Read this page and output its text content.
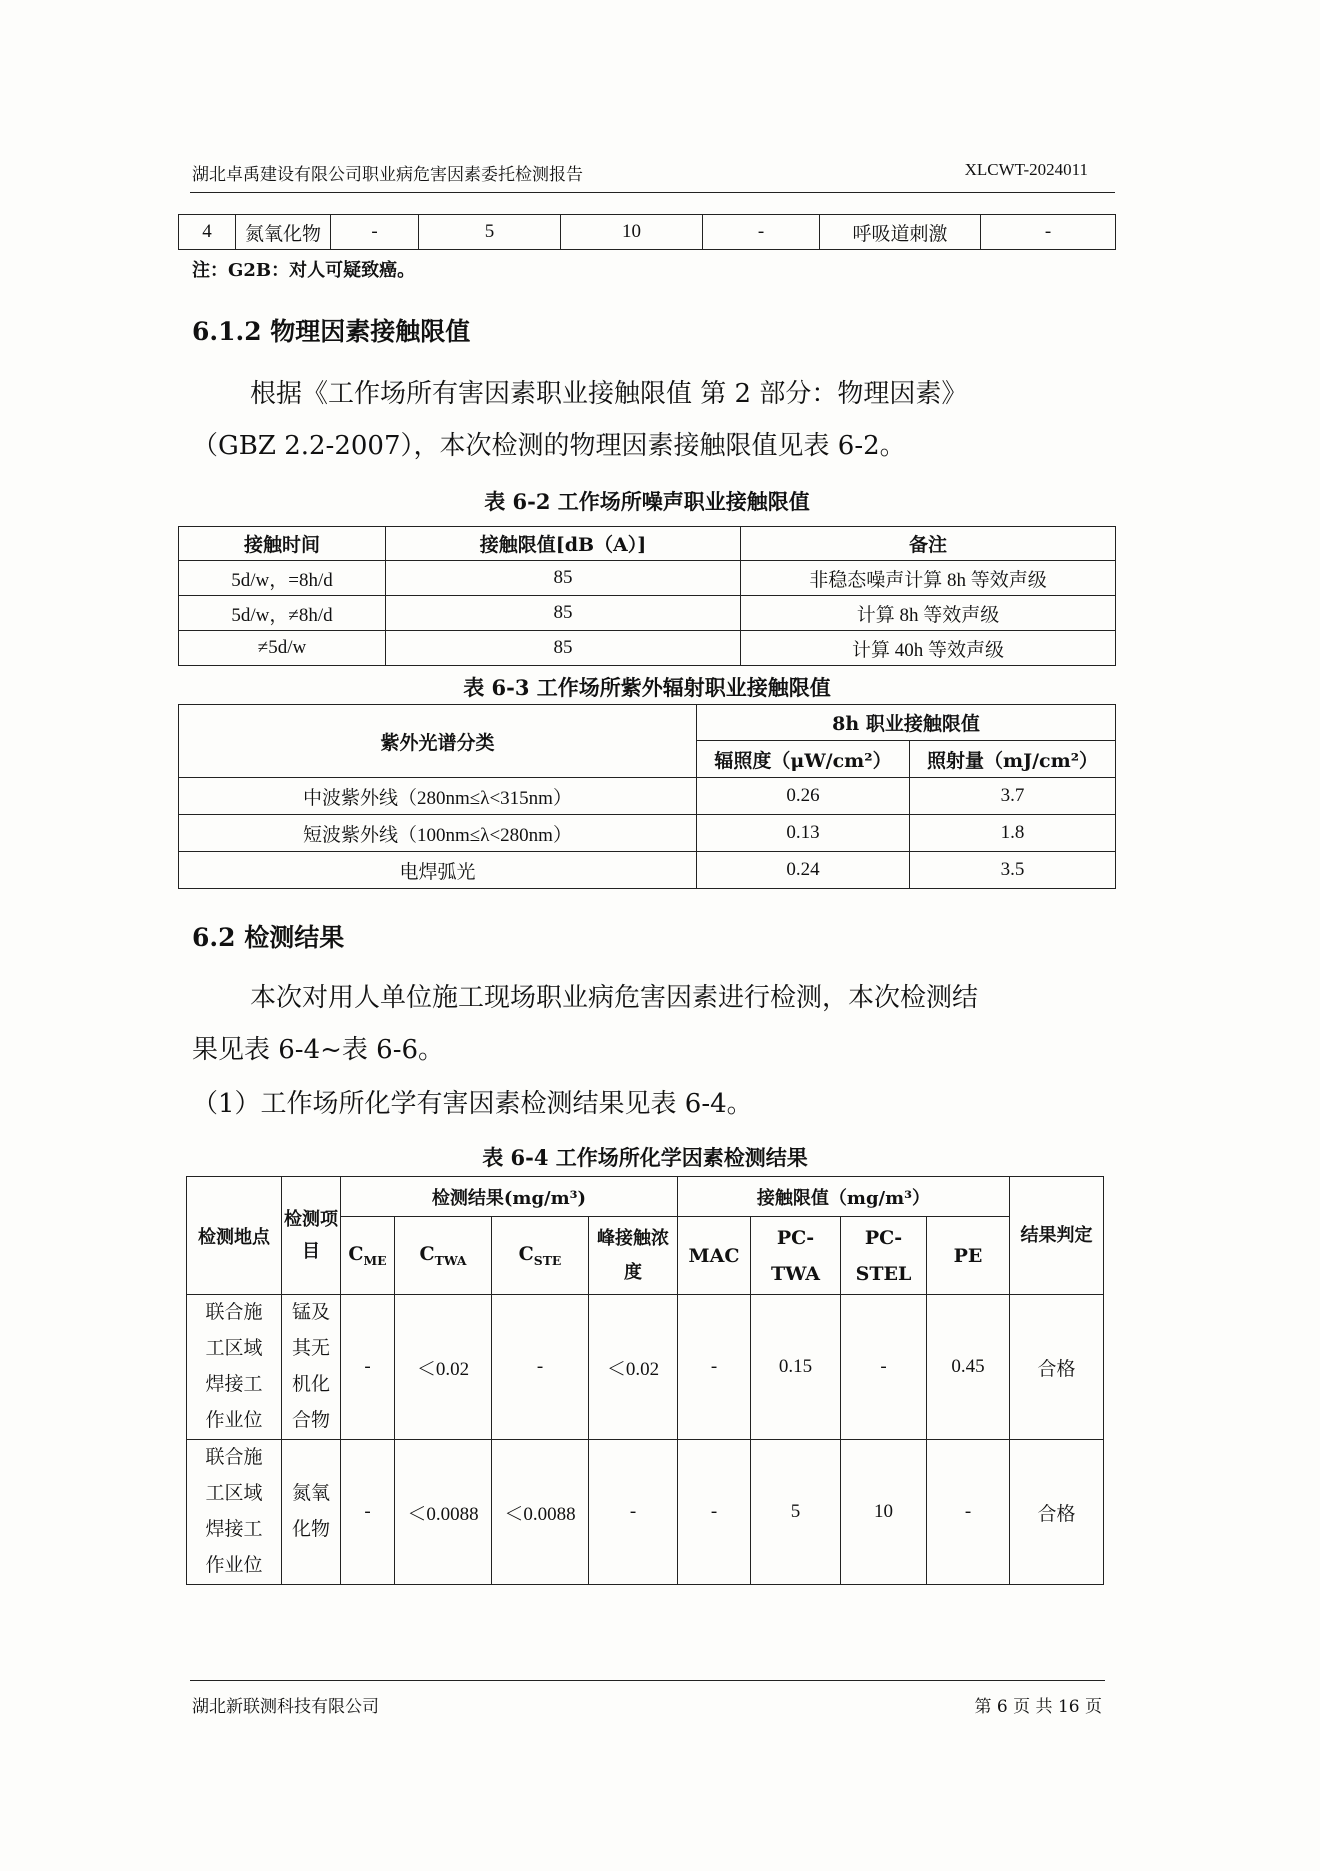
湖北卓禹建设有限公司职业病危害因素委托检测报告	XLCWT-2024011
4	氮氧化物	-	5	10	-	呼吸道刺激	-
注：G2B：对人可疑致癌。
6.1.2 物理因素接触限值

根据《工作场所有害因素职业接触限值 第 2 部分：物理因素》

（GBZ 2.2-2007），本次检测的物理因素接触限值见表 6-2。

表 6-2 工作场所噪声职业接触限值
接触时间	接触限值[dB（A）]	备注
5d/w，=8h/d	85	非稳态噪声计算 8h 等效声级
5d/w，≠8h/d	85	计算 8h 等效声级
≠5d/w	85	计算 40h 等效声级
表 6-3 工作场所紫外辐射职业接触限值
紫外光谱分类	8h 职业接触限值	
	辐照度（μW/cm²）	照射量（mJ/cm²）
中波紫外线（280nm≤λ<315nm）	0.26	3.7
短波紫外线（100nm≤λ<280nm）	0.13	1.8
电焊弧光	0.24	3.5
6.2 检测结果

本次对用人单位施工现场职业病危害因素进行检测，本次检测结

果见表 6-4~表 6-6。

（1）工作场所化学有害因素检测结果见表 6-4。

表 6-4 工作场所化学因素检测结果
检测地点	检测项目	检测结果(mg/m³)				接触限值（mg/m³）				结果判定
		$C_{ME}$	$C_{TWA}$	$C_{STE}$	峰接触浓度	MAC	PC-TWA	PC-STEL	PE	
联合施工区域焊接工作业位	锰及其无机化合物	-	＜0.02	-	＜0.02	-	0.15	-	0.45	合格
联合施工区域焊接工作业位	氮氧化物	-	＜0.0088	＜0.0088	-	-	5	10	-	合格
湖北新联测科技有限公司	第 6 页 共 16 页
